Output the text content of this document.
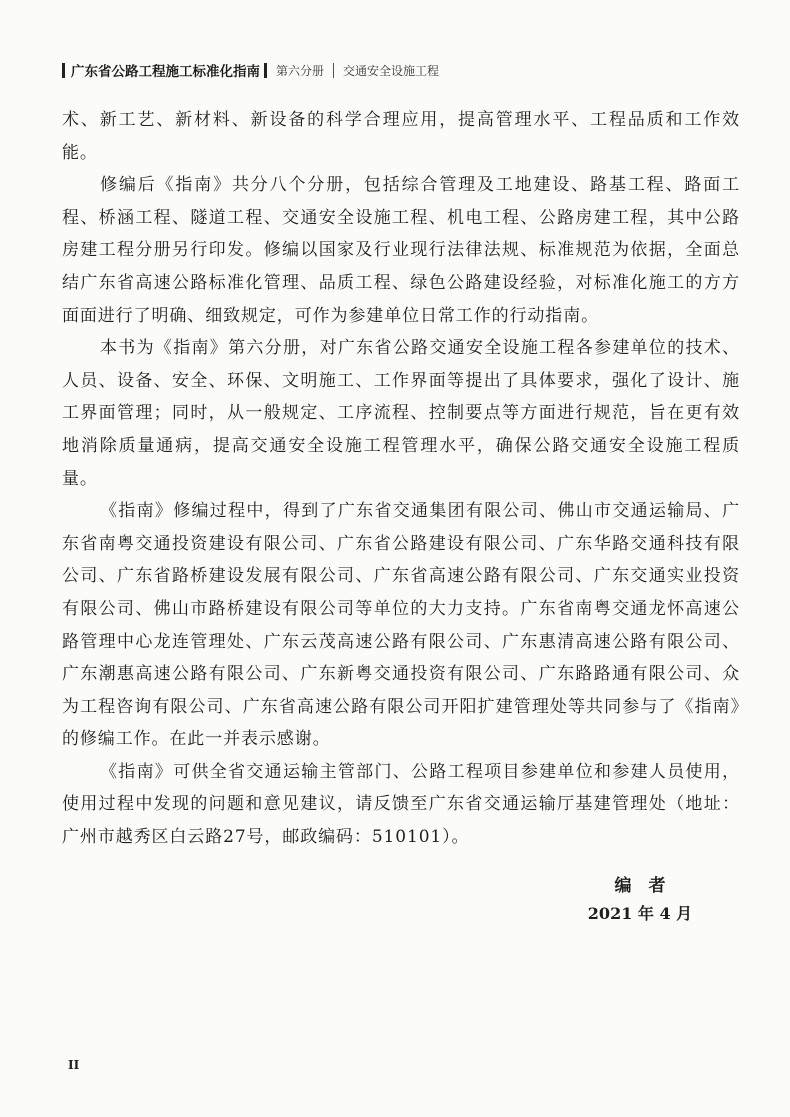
广东省公路工程施工标准化指南 第六分册 交通安全设施工程

术、新工艺、新材料、新设备的科学合理应用，提高管理水平、工程品质和工作效能。

修编后《指南》共分八个分册，包括综合管理及工地建设、路基工程、路面工程、桥涵工程、隧道工程、交通安全设施工程、机电工程、公路房建工程，其中公路房建工程分册另行印发。修编以国家及行业现行法律法规、标准规范为依据，全面总结广东省高速公路标准化管理、品质工程、绿色公路建设经验，对标准化施工的方方面面进行了明确、细致规定，可作为参建单位日常工作的行动指南。

本书为《指南》第六分册，对广东省公路交通安全设施工程各参建单位的技术、人员、设备、安全、环保、文明施工、工作界面等提出了具体要求，强化了设计、施工界面管理；同时，从一般规定、工序流程、控制要点等方面进行规范，旨在更有效地消除质量通病，提高交通安全设施工程管理水平，确保公路交通安全设施工程质量。

《指南》修编过程中，得到了广东省交通集团有限公司、佛山市交通运输局、广东省南粤交通投资建设有限公司、广东省公路建设有限公司、广东华路交通科技有限公司、广东省路桥建设发展有限公司、广东省高速公路有限公司、广东交通实业投资有限公司、佛山市路桥建设有限公司等单位的大力支持。广东省南粤交通龙怀高速公路管理中心龙连管理处、广东云茂高速公路有限公司、广东惠清高速公路有限公司、广东潮惠高速公路有限公司、广东新粤交通投资有限公司、广东路路通有限公司、众为工程咨询有限公司、广东省高速公路有限公司开阳扩建管理处等共同参与了《指南》的修编工作。在此一并表示感谢。

《指南》可供全省交通运输主管部门、公路工程项目参建单位和参建人员使用，使用过程中发现的问题和意见建议，请反馈至广东省交通运输厅基建管理处（地址：广州市越秀区白云路27号，邮政编码：510101）。

编者
2021 年 4 月
II
